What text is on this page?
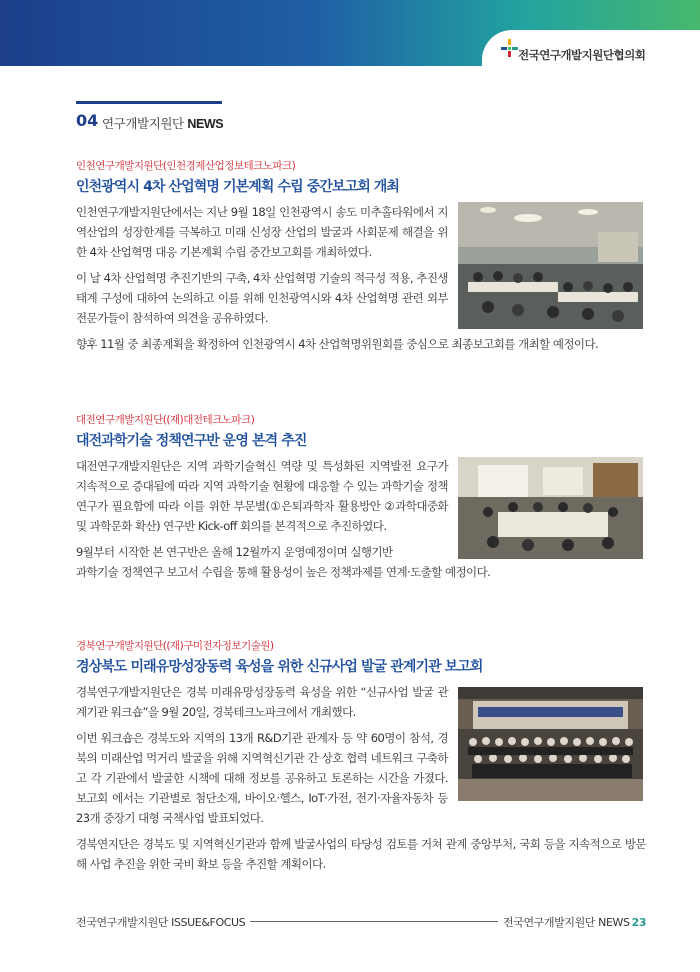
전국연구개발지원단협의회
04 연구개발지원단 NEWS
인천연구개발지원단(인천경제산업정보테크노파크)
인천광역시 4차 산업혁명 기본계획 수립 중간보고회 개최
인천연구개발지원단에서는 지난 9월 18일 인천광역시 송도 미추홀타워에서 지역산업의 성장한계를 극복하고 미래 신성장 산업의 발굴과 사회문제 해결을 위한 4차 산업혁명 대응 기본계획 수립 중간보고회를 개최하였다.
이 날 4차 산업혁명 추진기반의 구축, 4차 산업혁명 기술의 적극성 적용, 추진생태계 구성에 대하여 논의하고 이를 위해 인천광역시와 4차 산업혁명 관련 외부 전문가들이 참석하여 의견을 공유하였다.
향후 11월 중 최종계획을 확정하여 인천광역시 4차 산업혁명위원회를 중심으로 최종보고회를 개최할 예정이다.
대전연구개발지원단((재)대전테크노파크)
대전과학기술 정책연구반 운영 본격 추진
대전연구개발지원단은 지역 과학기술혁신 역량 및 특성화된 지역발전 요구가 지속적으로 증대됨에 따라 지역 과학기술 현황에 대응할 수 있는 과학기술 정책연구가 필요함에 따라 이를 위한 부문별(①은퇴과학자 활용방안 ②과학대중화 및 과학문화 확산) 연구반 Kick-off 회의를 본격적으로 추진하였다.
9월부터 시작한 본 연구반은 올해 12월까지 운영예정이며 실행기반
과학기술 정책연구 보고서 수립을 통해 활용성이 높은 정책과제를 연계·도출할 예정이다.
경북연구개발지원단((재)구미전자정보기술원)
경상북도 미래유망성장동력 육성을 위한 신규사업 발굴 관계기관 보고회
경북연구개발지원단은 경북 미래유망성장동력 육성을 위한 “신규사업 발굴 관계기관 워크숍”을 9월 20일, 경북테크노파크에서 개최했다.
이번 워크숍은 경북도와 지역의 13개 R&D기관 관계자 등 약 60명이 참석, 경북의 미래산업 먹거리 발굴을 위해 지역혁신기관 간 상호 협력 네트워크 구축하고 각 기관에서 발굴한 시책에 대해 정보를 공유하고 토론하는 시간을 가졌다. 보고회 에서는 기관별로 첨단소재, 바이오·헬스, IoT·가전, 전기·자율자동차 등 23개 중장기 대형 국책사업 발표되었다.
경북연지단은 경북도 및 지역혁신기관과 함께 발굴사업의 타당성 검토를 거쳐 관계 중앙부처, 국회 등을 지속적으로 방문해 사업 추진을 위한 국비 확보 등을 추진할 계획이다.
전국연구개발지원단 ISSUE&FOCUS	전국연구개발지원단 NEWS 23
